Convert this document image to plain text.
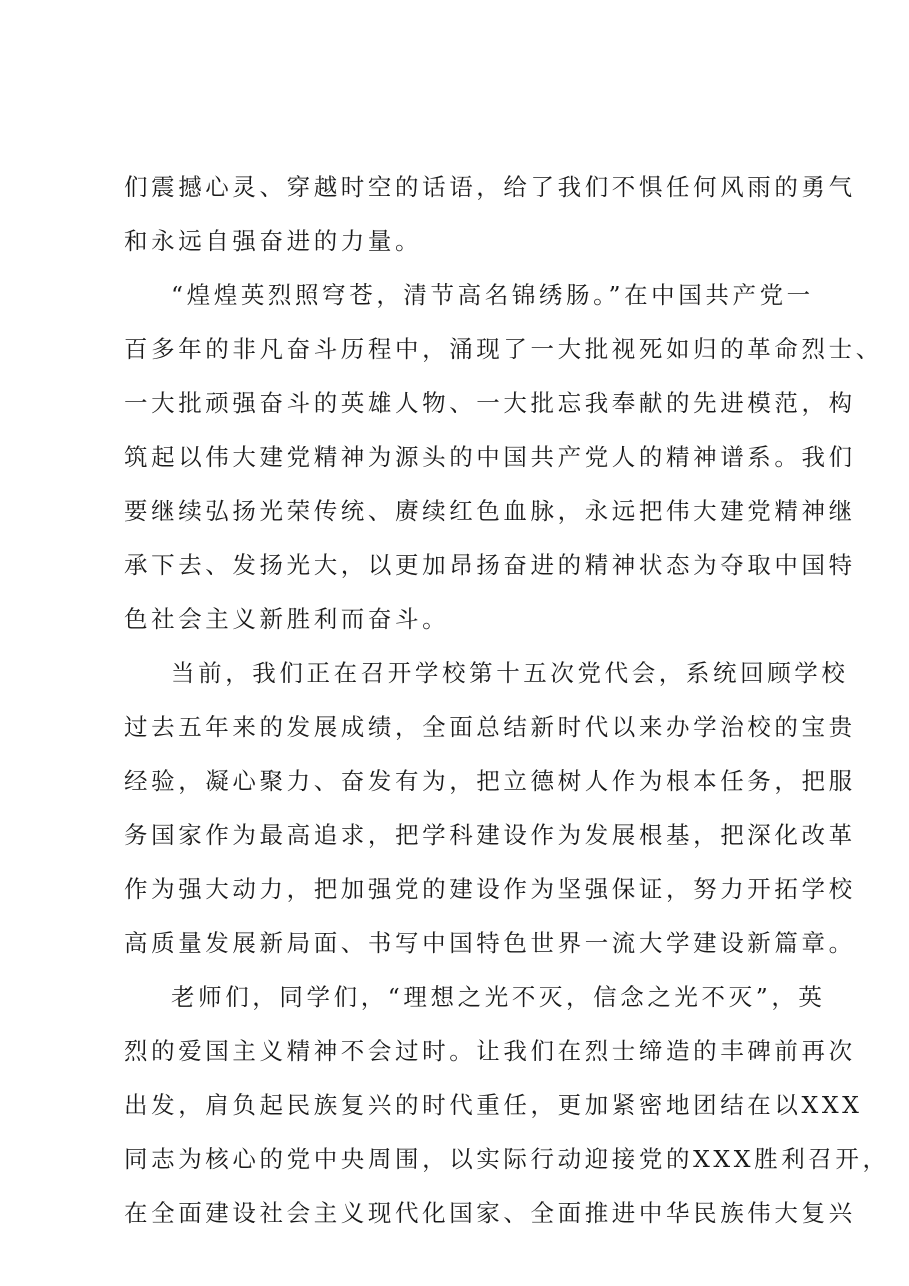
们震撼心灵、穿越时空的话语，给了我们不惧任何风雨的勇气
和永远自强奋进的力量。
“煌煌英烈照穹苍，清节高名锦绣肠。”在中国共产党一
百多年的非凡奋斗历程中，涌现了一大批视死如归的革命烈士、
一大批顽强奋斗的英雄人物、一大批忘我奉献的先进模范，构
筑起以伟大建党精神为源头的中国共产党人的精神谱系。我们
要继续弘扬光荣传统、赓续红色血脉，永远把伟大建党精神继
承下去、发扬光大，以更加昂扬奋进的精神状态为夺取中国特
色社会主义新胜利而奋斗。
当前，我们正在召开学校第十五次党代会，系统回顾学校
过去五年来的发展成绩，全面总结新时代以来办学治校的宝贵
经验，凝心聚力、奋发有为，把立德树人作为根本任务，把服
务国家作为最高追求，把学科建设作为发展根基，把深化改革
作为强大动力，把加强党的建设作为坚强保证，努力开拓学校
高质量发展新局面、书写中国特色世界一流大学建设新篇章。
老师们，同学们，“理想之光不灭，信念之光不灭”，英
烈的爱国主义精神不会过时。让我们在烈士缔造的丰碑前再次
出发，肩负起民族复兴的时代重任，更加紧密地团结在以XXX
同志为核心的党中央周围，以实际行动迎接党的XXX胜利召开，
在全面建设社会主义现代化国家、全面推进中华民族伟大复兴
